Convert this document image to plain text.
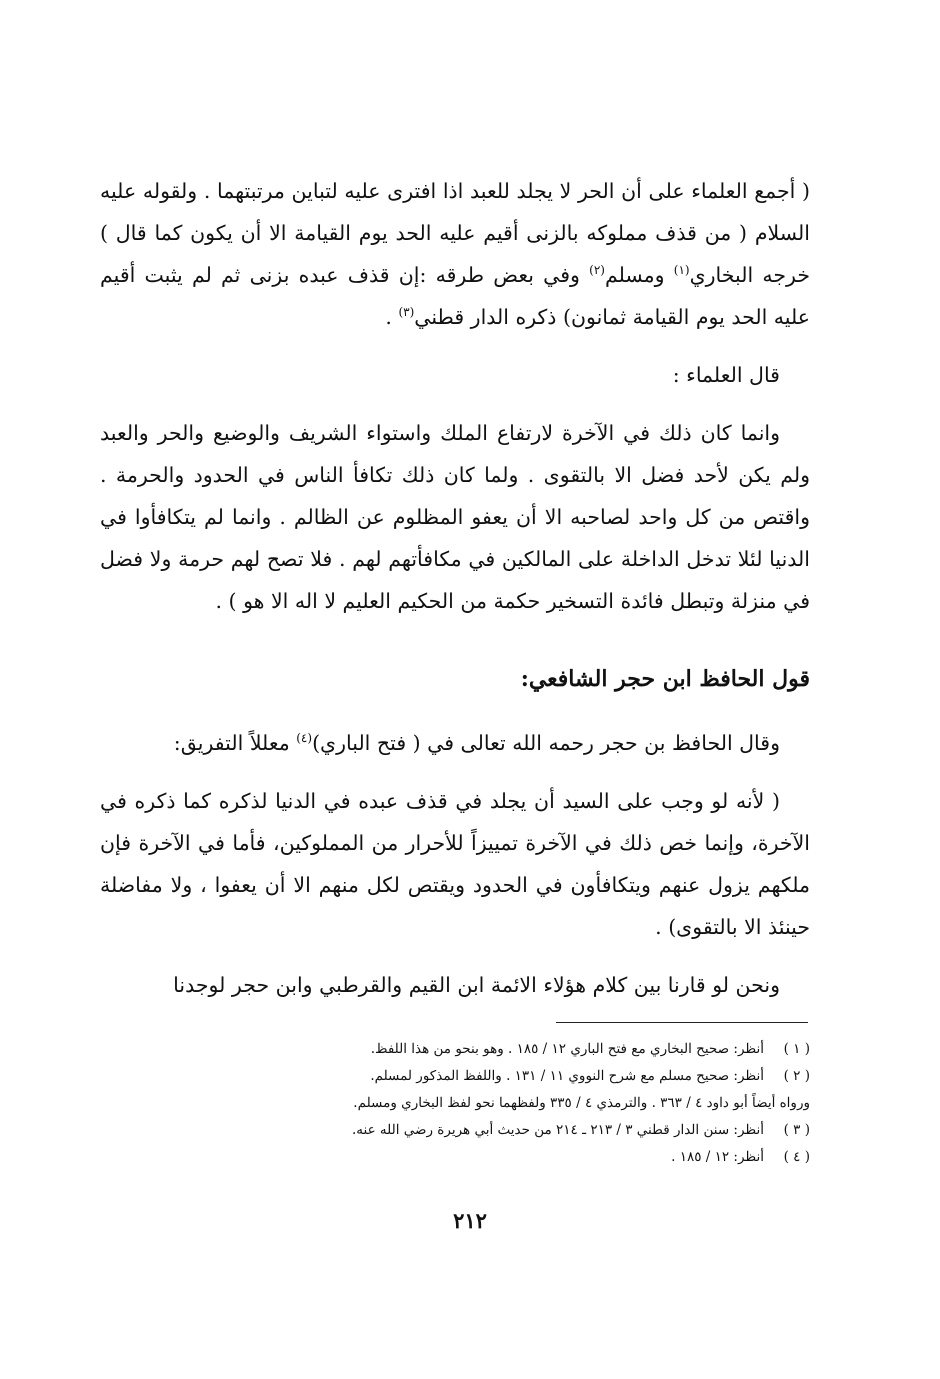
( أجمع العلماء على أن الحر لا يجلد للعبد اذا افترى عليه لتباين مرتبتهما . ولقوله عليه السلام ( من قذف مملوكه بالزنى أقيم عليه الحد يوم القيامة الا أن يكون كما قال ) خرجه البخاري$^{(١)}$ ومسلم$^{(٢)}$ وفي بعض طرقه :إن قذف عبده بزنى ثم لم يثبت أقيم عليه الحد يوم القيامة ثمانون) ذكره الدار قطني$^{(٣)}$ .

قال العلماء :

وانما كان ذلك في الآخرة لارتفاع الملك واستواء الشريف والوضيع والحر والعبد ولم يكن لأحد فضل الا بالتقوى . ولما كان ذلك تكافأ الناس في الحدود والحرمة . واقتص من كل واحد لصاحبه الا أن يعفو المظلوم عن الظالم . وانما لم يتكافأوا في الدنيا لئلا تدخل الداخلة على المالكين في مكافأتهم لهم . فلا تصح لهم حرمة ولا فضل في منزلة وتبطل فائدة التسخير حكمة من الحكيم العليم لا اله الا هو ) .

قول الحافظ ابن حجر الشافعي:

وقال الحافظ بن حجر رحمه الله تعالى في ( فتح الباري)$^{(٤)}$ معللاً التفريق:

( لأنه لو وجب على السيد أن يجلد في قذف عبده في الدنيا لذكره كما ذكره في الآخرة، وإنما خص ذلك في الآخرة تمييزاً للأحرار من المملوكين، فأما في الآخرة فإن ملكهم يزول عنهم ويتكافأون في الحدود ويقتص لكل منهم الا أن يعفوا ، ولا مفاضلة حينئذ الا بالتقوى) .

ونحن لو قارنا بين كلام هؤلاء الائمة ابن القيم والقرطبي وابن حجر لوجدنا

( ١ )
أنظر: صحيح البخاري مع فتح الباري ١٢ / ١٨٥ . وهو بنحو من هذا اللفظ.
( ٢ )
أنظر: صحيح مسلم مع شرح النووي ١١ / ١٣١ . واللفظ المذكور لمسلم.
ورواه أيضاً أبو داود ٤ / ٣٦٣ . والترمذي ٤ / ٣٣٥ ولفظهما نحو لفظ البخاري ومسلم.
( ٣ )
أنظر: سنن الدار قطني ٣ / ٢١٣ ـ ٢١٤ من حديث أبي هريرة رضي الله عنه.
( ٤ )
أنظر: ١٢ / ١٨٥ .
٢١٢
